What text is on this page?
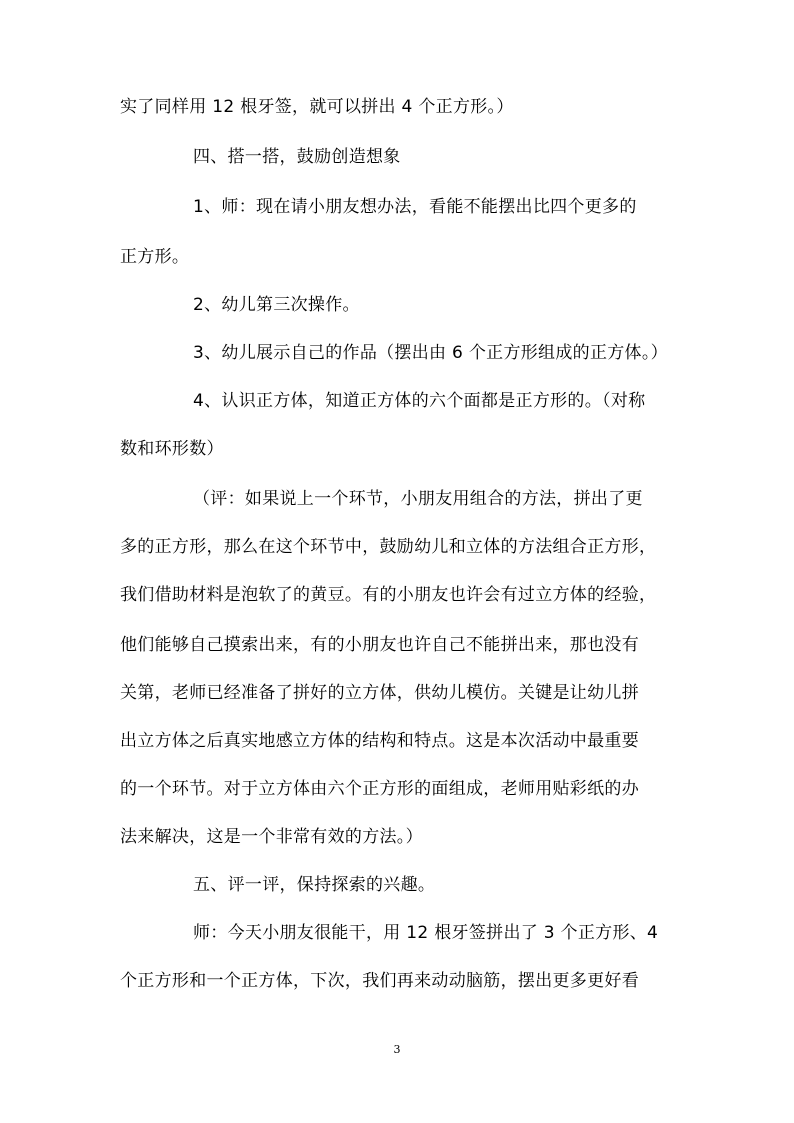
实了同样用 12 根牙签，就可以拼出 4 个正方形。）

四、搭一搭，鼓励创造想象

1、师：现在请小朋友想办法，看能不能摆出比四个更多的

正方形。

2、幼儿第三次操作。

3、幼儿展示自己的作品（摆出由 6 个正方形组成的正方体。）

4、认识正方体，知道正方体的六个面都是正方形的。（对称

数和环形数）

（评：如果说上一个环节，小朋友用组合的方法，拼出了更

多的正方形，那么在这个环节中，鼓励幼儿和立体的方法组合正方形，

我们借助材料是泡软了的黄豆。有的小朋友也许会有过立方体的经验，

他们能够自己摸索出来，有的小朋友也许自己不能拼出来，那也没有

关第，老师已经准备了拼好的立方体，供幼儿模仿。关键是让幼儿拼

出立方体之后真实地感立方体的结构和特点。这是本次活动中最重要

的一个环节。对于立方体由六个正方形的面组成，老师用贴彩纸的办

法来解决，这是一个非常有效的方法。）

五、评一评，保持探索的兴趣。

师：今天小朋友很能干，用 12 根牙签拼出了 3 个正方形、4

个正方形和一个正方体，下次，我们再来动动脑筋，摆出更多更好看

3
